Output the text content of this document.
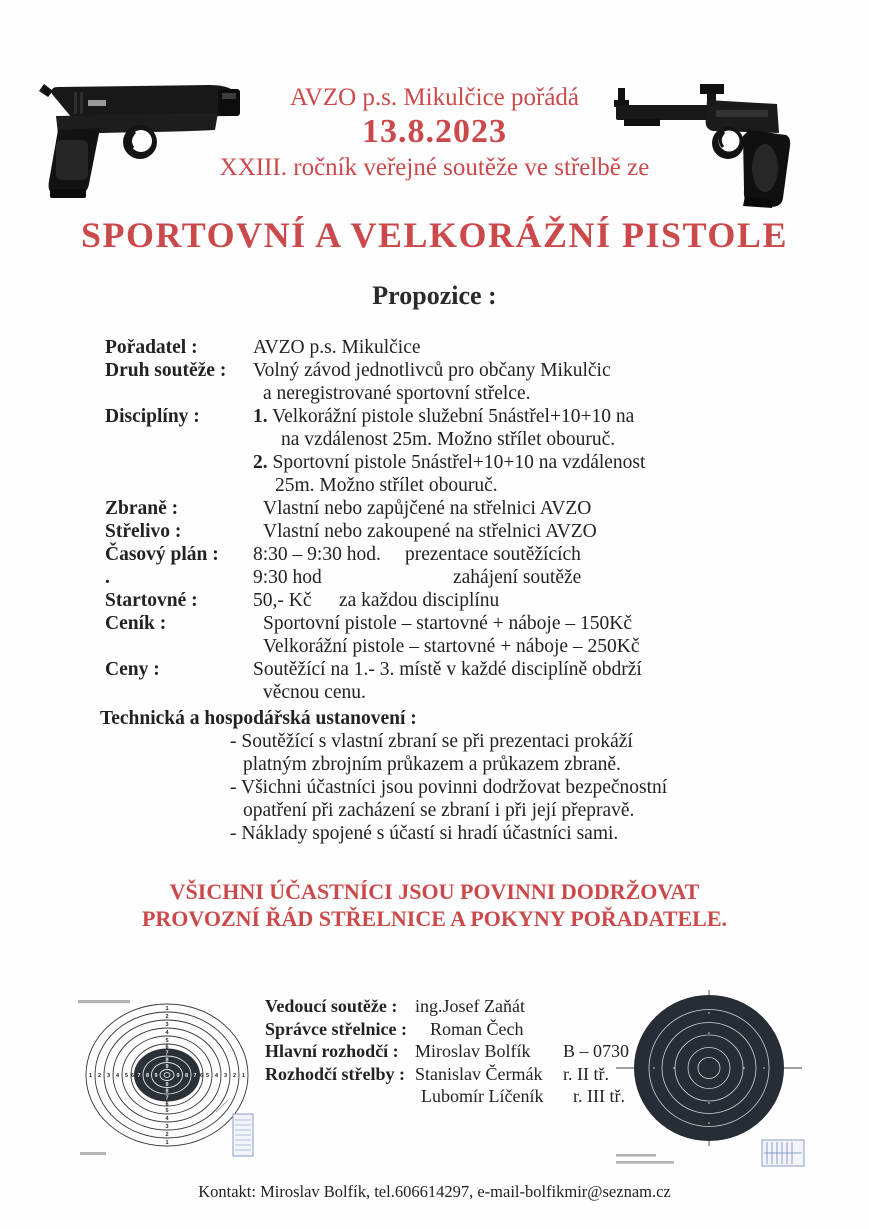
AVZO p.s. Mikulčice pořádá
13.8.2023
XXIII. ročník veřejné soutěže ve střelbě ze
SPORTOVNÍ A VELKORÁŽNÍ PISTOLE
Propozice :
Pořadatel :	AVZO p.s. Mikulčice
Druh soutěže :	Volný závod jednotlivců pro občany Mikulčic
a neregistrované sportovní střelce.
Disciplíny :	1. Velkorážní pistole služební 5nástřel+10+10 na
na vzdálenost 25m. Možno střílet obouruč.
2. Sportovní pistole 5nástřel+10+10 na vzdálenost
25m. Možno střílet obouruč.
Zbraně :	Vlastní nebo zapůjčené na střelnici AVZO
Střelivo :	Vlastní nebo zakoupené na střelnici AVZO
Časový plán :	8:30 – 9:30 hod. prezentace soutěžících
.	9:30 hod	zahájení soutěže
Startovné :	50,- Kč za každou disciplínu
Ceník :	Sportovní pistole – startovné + náboje – 150Kč
Velkorážní pistole – startovné + náboje – 250Kč
Ceny :	Soutěžící na 1.- 3. místě v každé disciplíně obdrží
věcnou cenu.
Technická a hospodářská ustanovení :
- Soutěžící s vlastní zbraní se při prezentaci prokáží
platným zbrojním průkazem a průkazem zbraně.
- Všichni účastníci jsou povinni dodržovat bezpečnostní
opatření při zacházení se zbraní i při její přepravě.
- Náklady spojené s účastí si hradí účastníci sami.
VŠICHNI ÚČASTNÍCI JSOU POVINNI DODRŽOVAT
PROVOZNÍ ŘÁD STŘELNICE A POKYNY POŘADATELE.
1
1
1	1
2
2
2	2
3
3
3	3
4
4
4	4
5
5
5	5
6
6
6	6
7
7
7	7
8
8
8	8
9
9
9	9
Vedoucí soutěže : ing.Josef Zaňát
Správce střelnice :	Roman Čech
Hlavní rozhodčí : Miroslav Bolfík	B – 0730
Rozhodčí střelby : Stanislav Čermák	r. II tř.
Lubomír Líčeník	r. III tř.
Kontakt: Miroslav Bolfík, tel.606614297, e-mail-bolfikmir@seznam.cz
